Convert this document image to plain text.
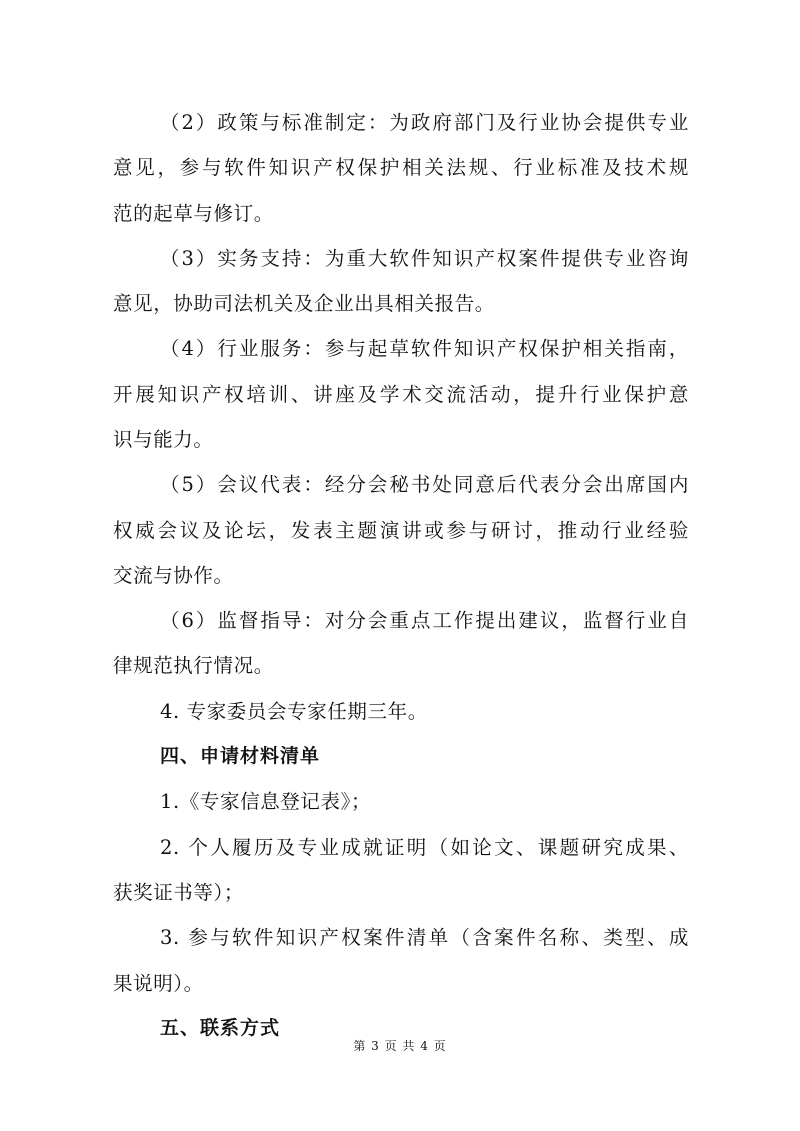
（2）政策与标准制定：为政府部门及行业协会提供专业
意见，参与软件知识产权保护相关法规、行业标准及技术规
范的起草与修订。
（3）实务支持：为重大软件知识产权案件提供专业咨询
意见，协助司法机关及企业出具相关报告。
（4）行业服务：参与起草软件知识产权保护相关指南，
开展知识产权培训、讲座及学术交流活动，提升行业保护意
识与能力。
（5）会议代表：经分会秘书处同意后代表分会出席国内
权威会议及论坛，发表主题演讲或参与研讨，推动行业经验
交流与协作。
（6）监督指导：对分会重点工作提出建议，监督行业自
律规范执行情况。
4. 专家委员会专家任期三年。
四、申请材料清单
1.《专家信息登记表》；
2. 个人履历及专业成就证明（如论文、课题研究成果、
获奖证书等）；
3. 参与软件知识产权案件清单（含案件名称、类型、成
果说明）。
五、联系方式
第 3 页 共 4 页
